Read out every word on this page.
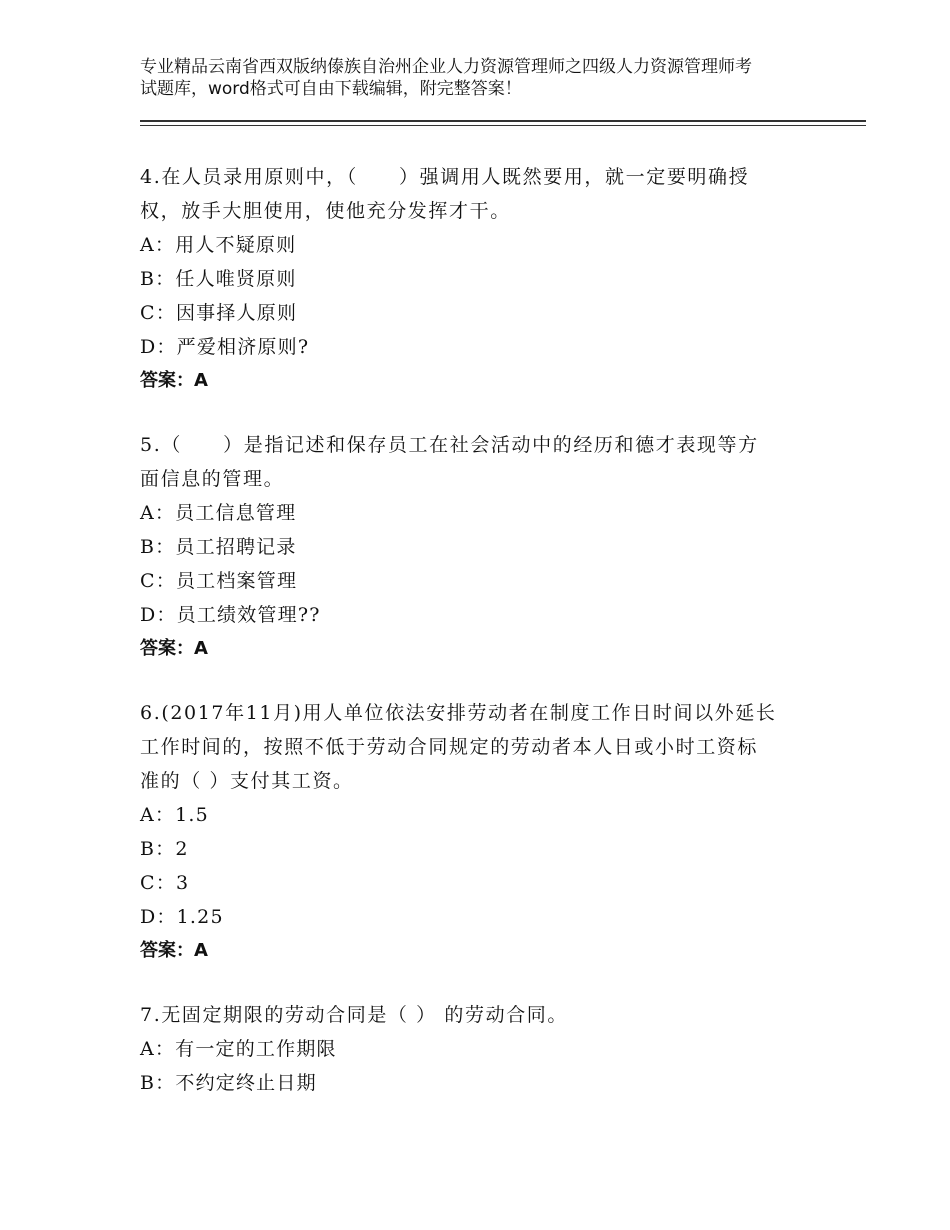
专业精品云南省西双版纳傣族自治州企业人力资源管理师之四级人力资源管理师考
试题库，word格式可自由下载编辑，附完整答案！
4.在人员录用原则中，（　　）强调用人既然要用，就一定要明确授
权，放手大胆使用，使他充分发挥才干。
A：用人不疑原则
B：任人唯贤原则
C：因事择人原则
D：严爱相济原则?
答案：A
5.（　　）是指记述和保存员工在社会活动中的经历和德才表现等方
面信息的管理。
A：员工信息管理
B：员工招聘记录
C：员工档案管理
D：员工绩效管理??
答案：A
6.(2017年11月)用人单位依法安排劳动者在制度工作日时间以外延长
工作时间的，按照不低于劳动合同规定的劳动者本人日或小时工资标
准的（ ）支付其工资。
A：1.5
B：2
C：3
D：1.25
答案：A
7.无固定期限的劳动合同是（ ） 的劳动合同。
A：有一定的工作期限
B：不约定终止日期
